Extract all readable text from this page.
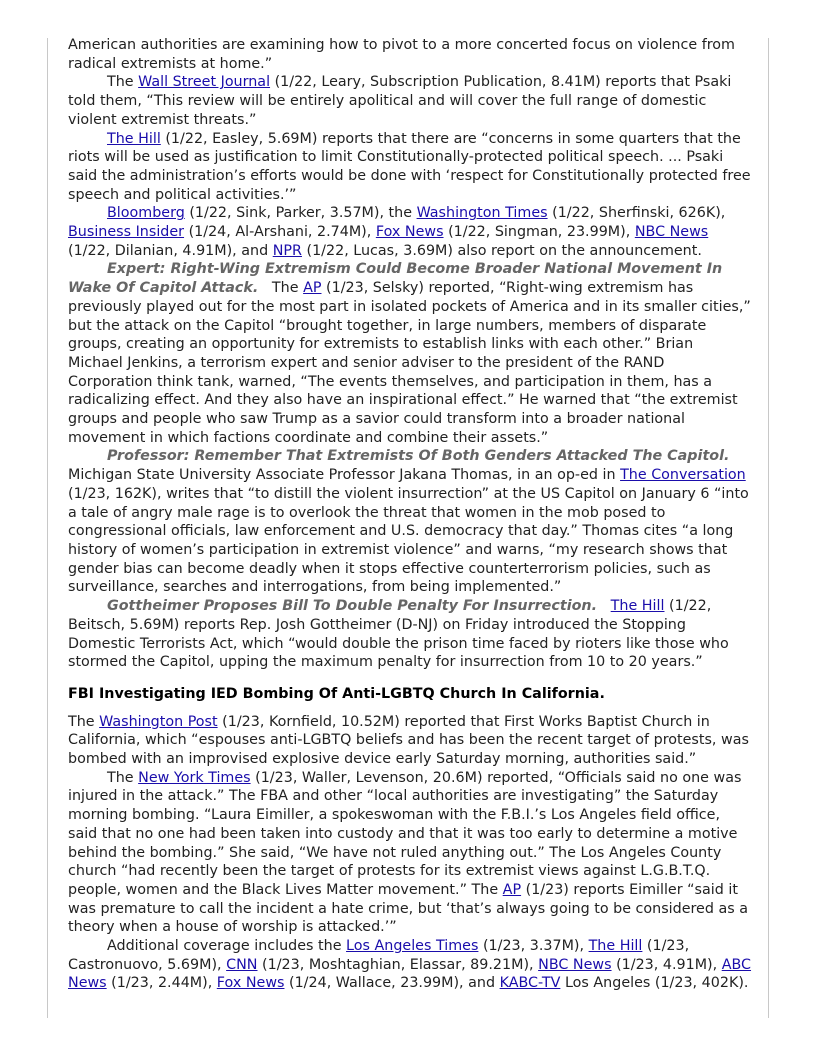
American authorities are examining how to pivot to a more concerted focus on violence from radical extremists at home.”

The Wall Street Journal (1/22, Leary, Subscription Publication, 8.41M) reports that Psaki told them, “This review will be entirely apolitical and will cover the full range of domestic violent extremist threats.”

The Hill (1/22, Easley, 5.69M) reports that there are “concerns in some quarters that the riots will be used as justification to limit Constitutionally-protected political speech. ... Psaki said the administration’s efforts would be done with ‘respect for Constitutionally protected free speech and political activities.’”

Bloomberg (1/22, Sink, Parker, 3.57M), the Washington Times (1/22, Sherfinski, 626K), Business Insider (1/24, Al-Arshani, 2.74M), Fox News (1/22, Singman, 23.99M), NBC News (1/22, Dilanian, 4.91M), and NPR (1/22, Lucas, 3.69M) also report on the announcement.

Expert: Right-Wing Extremism Could Become Broader National Movement In Wake Of Capitol Attack.   The AP (1/23, Selsky) reported, “Right-wing extremism has previously played out for the most part in isolated pockets of America and in its smaller cities,” but the attack on the Capitol “brought together, in large numbers, members of disparate groups, creating an opportunity for extremists to establish links with each other.” Brian Michael Jenkins, a terrorism expert and senior adviser to the president of the RAND Corporation think tank, warned, “The events themselves, and participation in them, has a radicalizing effect. And they also have an inspirational effect.” He warned that “the extremist groups and people who saw Trump as a savior could transform into a broader national movement in which factions coordinate and combine their assets.”

Professor: Remember That Extremists Of Both Genders Attacked The Capitol. Michigan State University Associate Professor Jakana Thomas, in an op-ed in The Conversation (1/23, 162K), writes that “to distill the violent insurrection” at the US Capitol on January 6 “into a tale of angry male rage is to overlook the threat that women in the mob posed to congressional officials, law enforcement and U.S. democracy that day.” Thomas cites “a long history of women’s participation in extremist violence” and warns, “my research shows that gender bias can become deadly when it stops effective counterterrorism policies, such as surveillance, searches and interrogations, from being implemented.”

Gottheimer Proposes Bill To Double Penalty For Insurrection. The Hill (1/22, Beitsch, 5.69M) reports Rep. Josh Gottheimer (D-NJ) on Friday introduced the Stopping Domestic Terrorists Act, which “would double the prison time faced by rioters like those who stormed the Capitol, upping the maximum penalty for insurrection from 10 to 20 years.”

FBI Investigating IED Bombing Of Anti-LGBTQ Church In California.

The Washington Post (1/23, Kornfield, 10.52M) reported that First Works Baptist Church in California, which “espouses anti-LGBTQ beliefs and has been the recent target of protests, was bombed with an improvised explosive device early Saturday morning, authorities said.”

The New York Times (1/23, Waller, Levenson, 20.6M) reported, “Officials said no one was injured in the attack.” The FBA and other “local authorities are investigating” the Saturday morning bombing. “Laura Eimiller, a spokeswoman with the F.B.I.’s Los Angeles field office, said that no one had been taken into custody and that it was too early to determine a motive behind the bombing.” She said, “We have not ruled anything out.” The Los Angeles County church “had recently been the target of protests for its extremist views against L.G.B.T.Q. people, women and the Black Lives Matter movement.” The AP (1/23) reports Eimiller “said it was premature to call the incident a hate crime, but ‘that’s always going to be considered as a theory when a house of worship is attacked.’”

Additional coverage includes the Los Angeles Times (1/23, 3.37M), The Hill (1/23, Castronuovo, 5.69M), CNN (1/23, Moshtaghian, Elassar, 89.21M), NBC News (1/23, 4.91M), ABC News (1/23, 2.44M), Fox News (1/24, Wallace, 23.99M), and KABC-TV Los Angeles (1/23, 402K).
